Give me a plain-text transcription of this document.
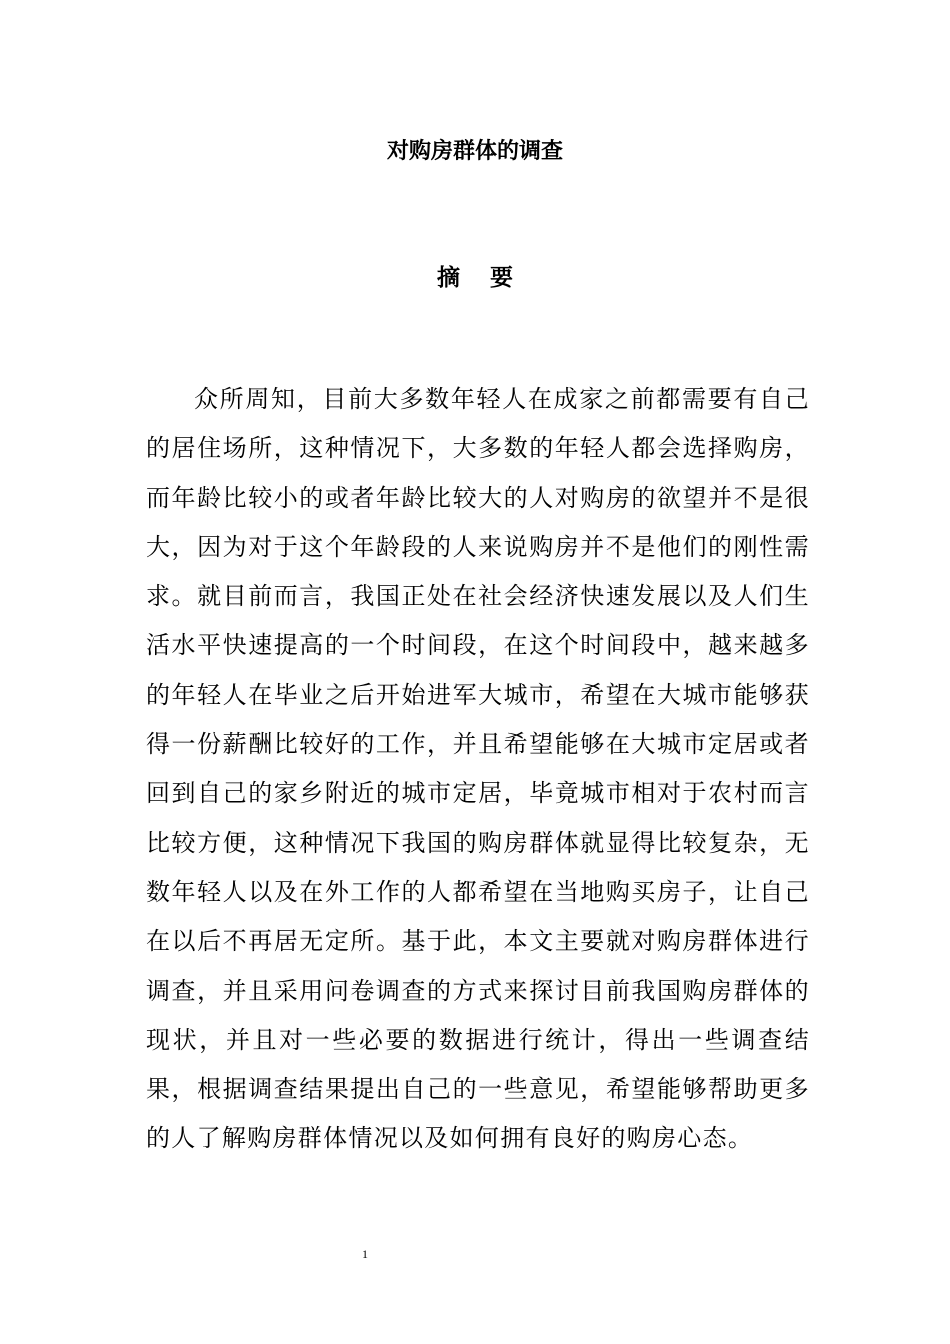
对购房群体的调查
摘要

众所周知，目前大多数年轻人在成家之前都需要有自己的居住场所，这种情况下，大多数的年轻人都会选择购房，而年龄比较小的或者年龄比较大的人对购房的欲望并不是很大，因为对于这个年龄段的人来说购房并不是他们的刚性需求。就目前而言，我国正处在社会经济快速发展以及人们生活水平快速提高的一个时间段，在这个时间段中，越来越多的年轻人在毕业之后开始进军大城市，希望在大城市能够获得一份薪酬比较好的工作，并且希望能够在大城市定居或者回到自己的家乡附近的城市定居，毕竟城市相对于农村而言比较方便，这种情况下我国的购房群体就显得比较复杂，无数年轻人以及在外工作的人都希望在当地购买房子，让自己在以后不再居无定所。基于此，本文主要就对购房群体进行调查，并且采用问卷调查的方式来探讨目前我国购房群体的现状，并且对一些必要的数据进行统计，得出一些调查结果，根据调查结果提出自己的一些意见，希望能够帮助更多的人了解购房群体情况以及如何拥有良好的购房心态。

1
